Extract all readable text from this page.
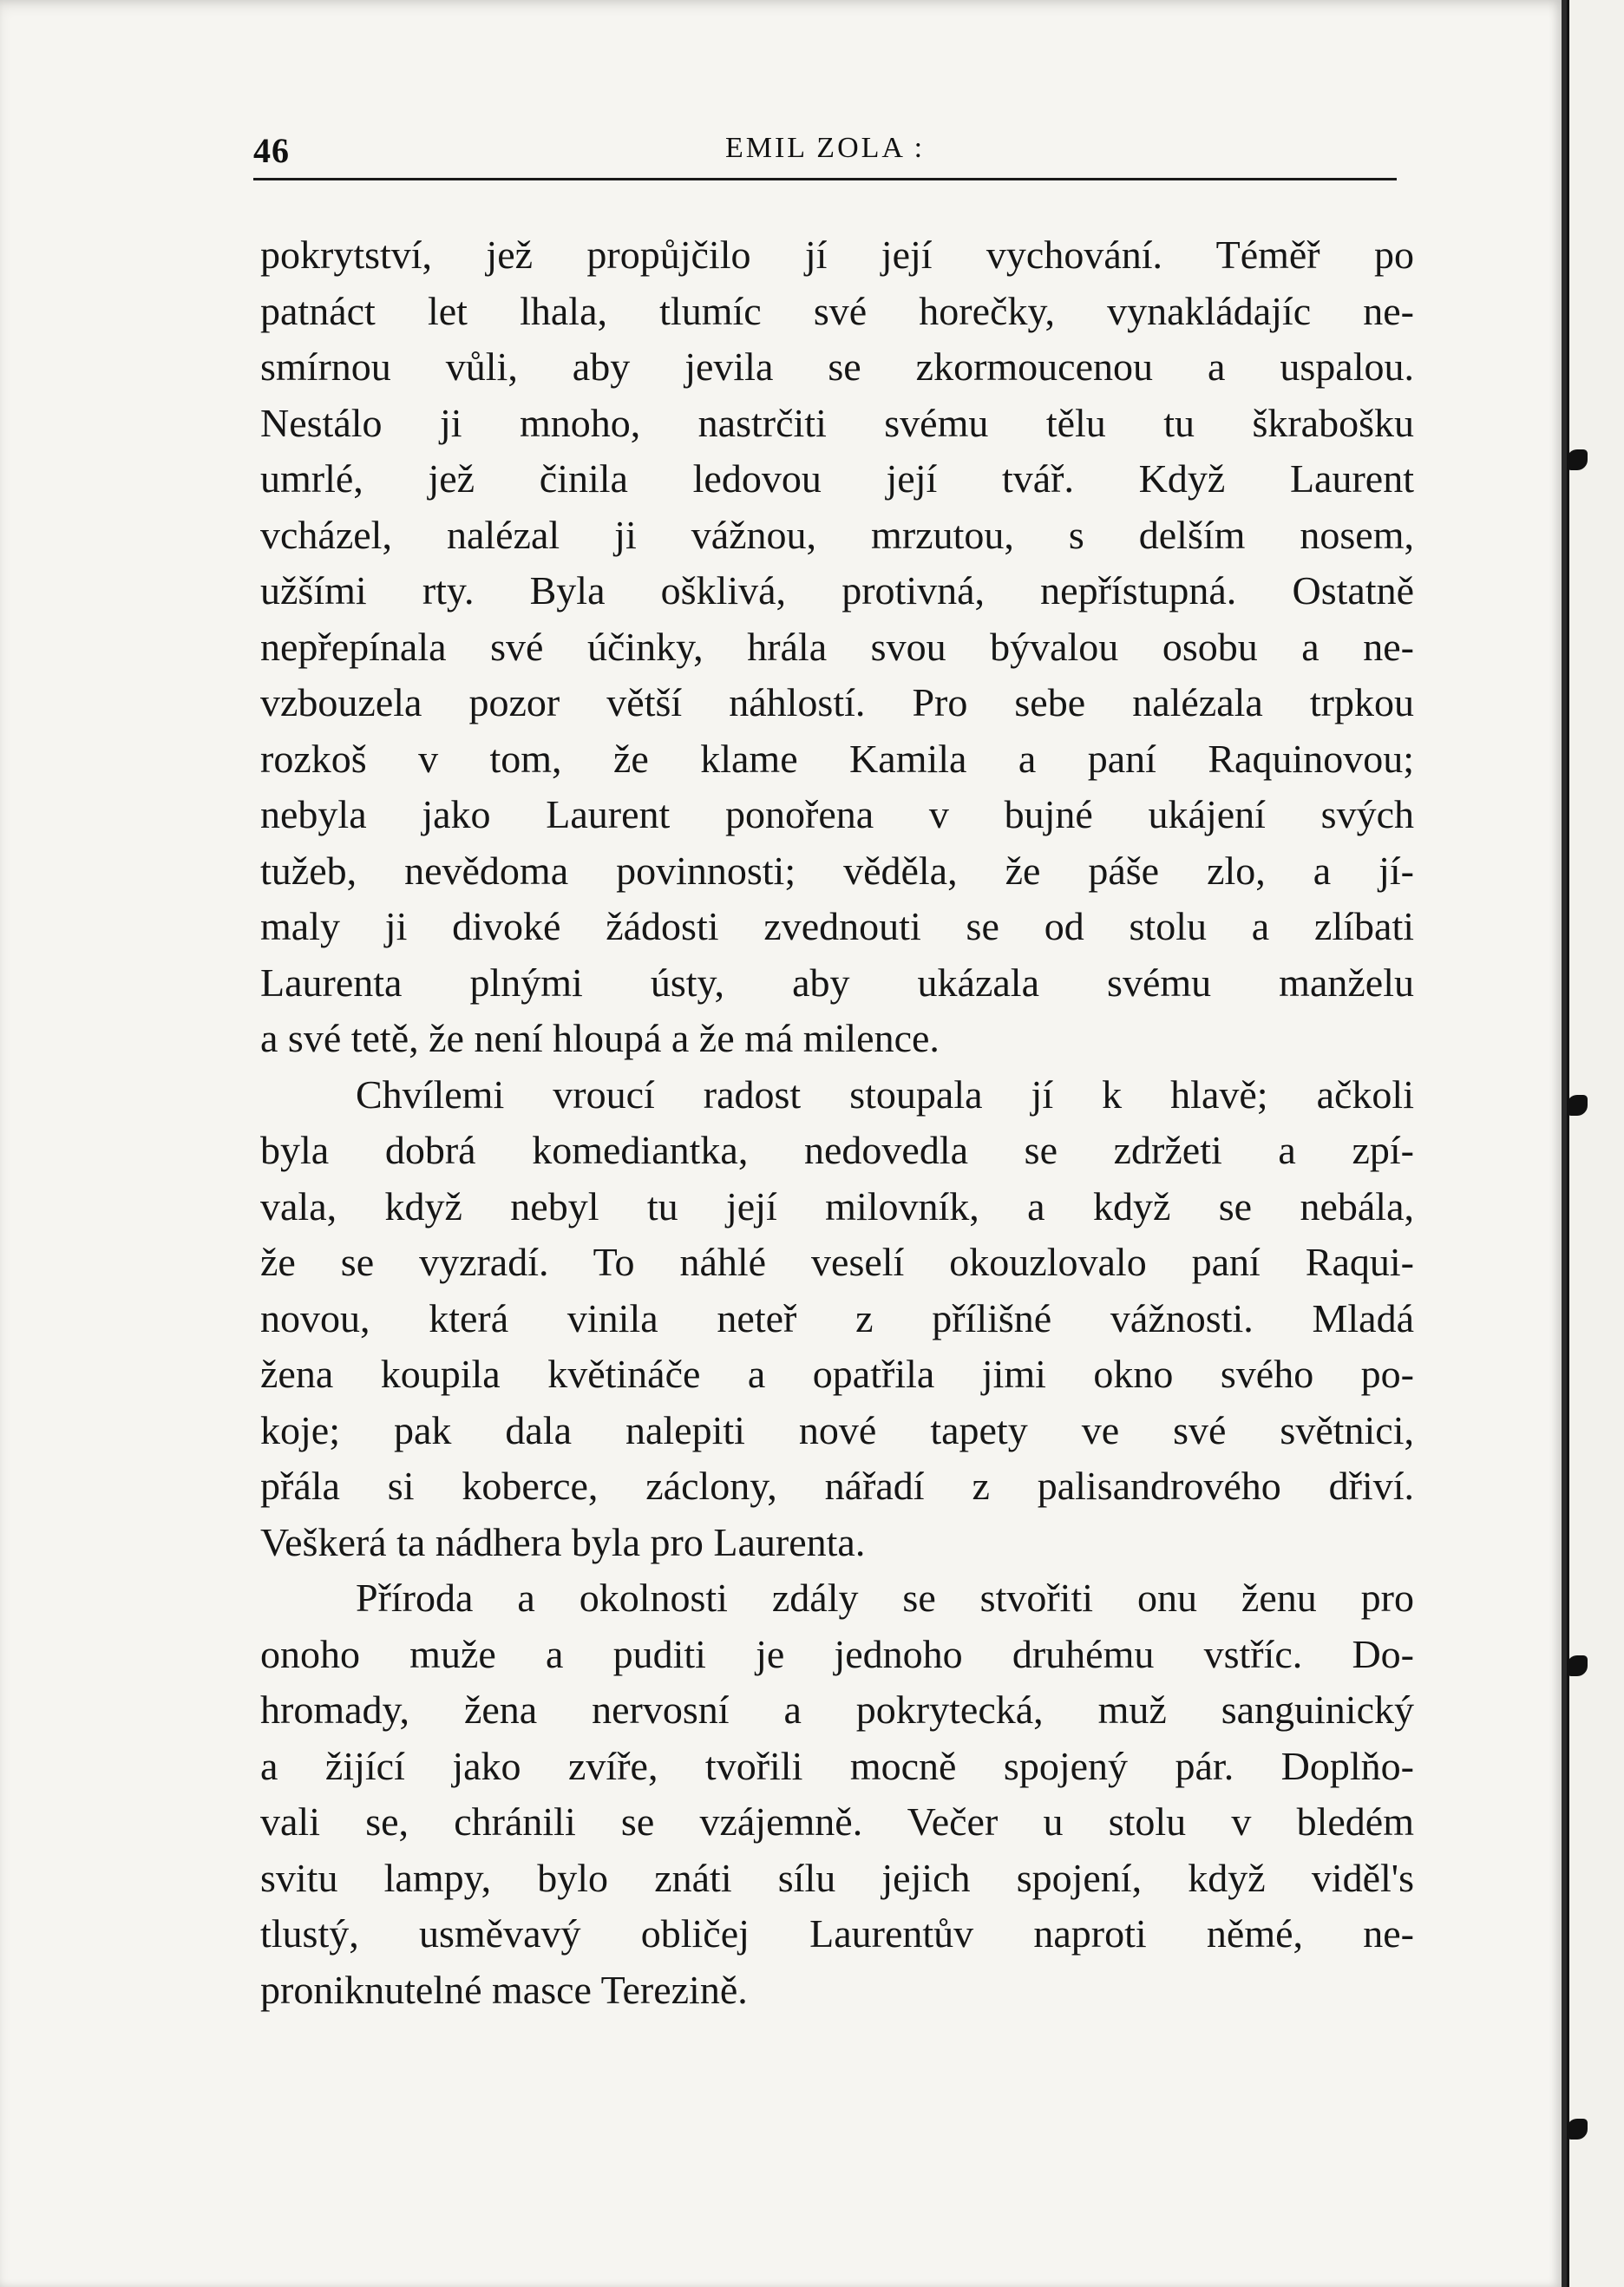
46	EMIL ZOLA :
pokrytství, jež propůjčilo jí její vychování. Téměř po
patnáct let lhala, tlumíc své horečky, vynakládajíc ne-
smírnou vůli, aby jevila se zkormoucenou a uspalou.
Nestálo ji mnoho, nastrčiti svému tělu tu škrabošku
umrlé, jež činila ledovou její tvář. Když Laurent
vcházel, nalézal ji vážnou, mrzutou, s delším nosem,
užšími rty. Byla ošklivá, protivná, nepřístupná. Ostatně
nepřepínala své účinky, hrála svou bývalou osobu a ne-
vzbouzela pozor větší náhlostí. Pro sebe nalézala trpkou
rozkoš v tom, že klame Kamila a paní Raquinovou;
nebyla jako Laurent ponořena v bujné ukájení svých
tužeb, nevědoma povinnosti; věděla, že páše zlo, a jí-
maly ji divoké žádosti zvednouti se od stolu a zlíbati
Laurenta plnými ústy, aby ukázala svému manželu
a své tetě, že není hloupá a že má milence.
Chvílemi vroucí radost stoupala jí k hlavě; ačkoli
byla dobrá komediantka, nedovedla se zdržeti a zpí-
vala, když nebyl tu její milovník, a když se nebála,
že se vyzradí. To náhlé veselí okouzlovalo paní Raqui-
novou, která vinila neteř z přílišné vážnosti. Mladá
žena koupila květináče a opatřila jimi okno svého po-
koje; pak dala nalepiti nové tapety ve své světnici,
přála si koberce, záclony, nářadí z palisandrového dřiví.
Veškerá ta nádhera byla pro Laurenta.
Příroda a okolnosti zdály se stvořiti onu ženu pro
onoho muže a puditi je jednoho druhému vstříc. Do-
hromady, žena nervosní a pokrytecká, muž sanguinický
a žijící jako zvíře, tvořili mocně spojený pár. Doplňo-
vali se, chránili se vzájemně. Večer u stolu v bledém
svitu lampy, bylo znáti sílu jejich spojení, když viděl's
tlustý, usměvavý obličej Laurentův naproti němé, ne-
proniknutelné masce Terezině.
